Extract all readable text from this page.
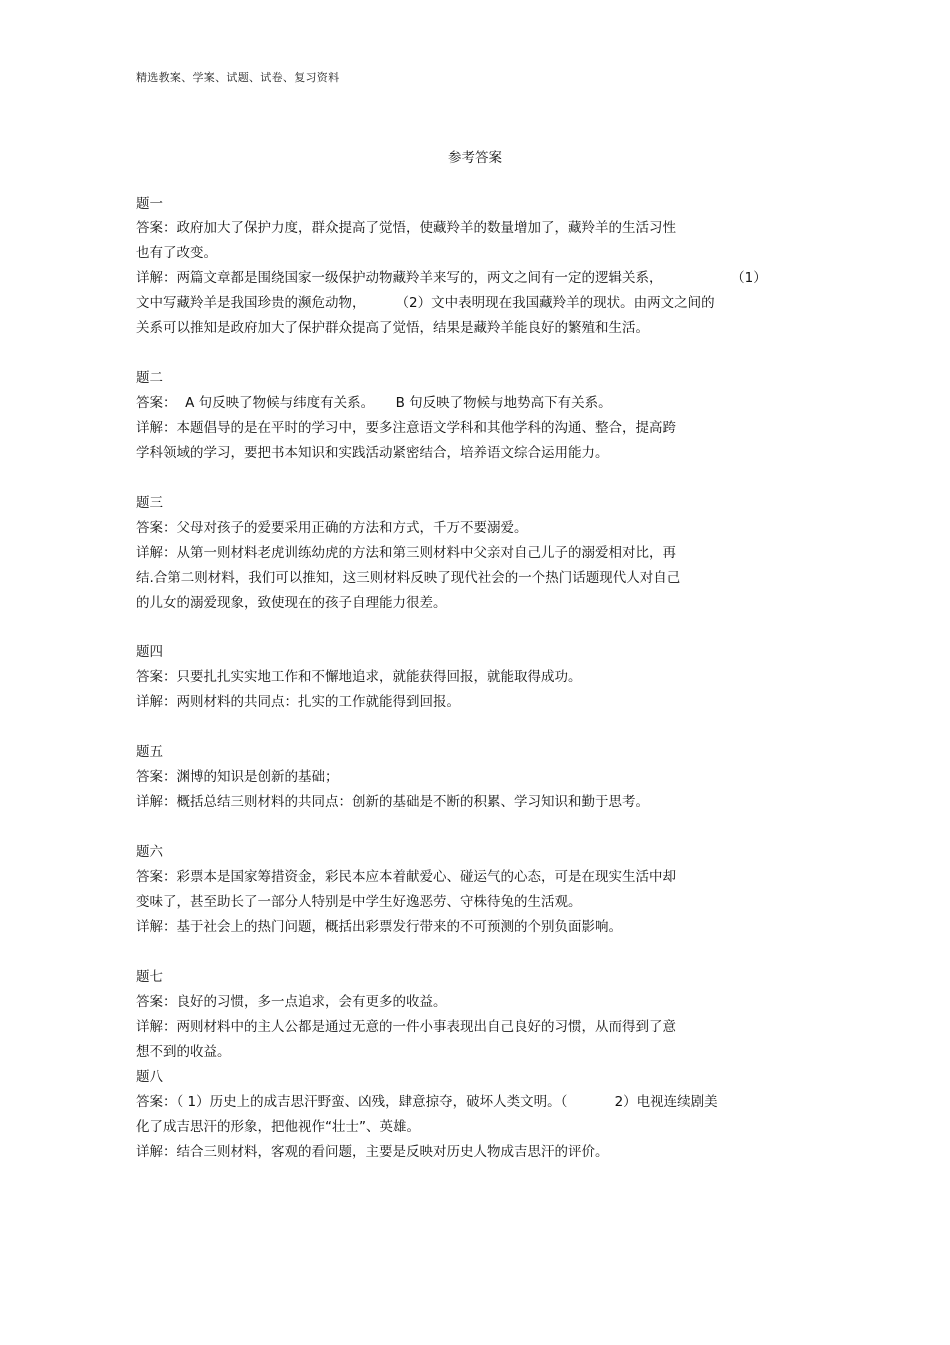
精选教案、学案、试题、试卷、复习资料
参考答案
题一
答案：政府加大了保护力度，群众提高了觉悟，使藏羚羊的数量增加了，藏羚羊的生活习性
也有了改变。
详解：两篇文章都是围绕国家一级保护动物藏羚羊来写的，两文之间有一定的逻辑关系，                （1）
文中写藏羚羊是我国珍贵的濒危动物，       （2）文中表明现在我国藏羚羊的现状。由两文之间的
关系可以推知是政府加大了保护群众提高了觉悟，结果是藏羚羊能良好的繁殖和生活。
题二
答案：  A 句反映了物候与纬度有关系。     B 句反映了物候与地势高下有关系。
详解：本题倡导的是在平时的学习中，要多注意语文学科和其他学科的沟通、整合，提高跨
学科领域的学习，要把书本知识和实践活动紧密结合，培养语文综合运用能力。
题三
答案：父母对孩子的爱要采用正确的方法和方式，千万不要溺爱。
详解：从第一则材料老虎训练幼虎的方法和第三则材料中父亲对自己儿子的溺爱相对比，再
结.合第二则材料，我们可以推知，这三则材料反映了现代社会的一个热门话题现代人对自己
的儿女的溺爱现象，致使现在的孩子自理能力很差。
题四
答案：只要扎扎实实地工作和不懈地追求，就能获得回报，就能取得成功。
详解：两则材料的共同点：扎实的工作就能得到回报。
题五
答案：渊博的知识是创新的基础；
详解：概括总结三则材料的共同点：创新的基础是不断的积累、学习知识和勤于思考。
题六
答案：彩票本是国家筹措资金，彩民本应本着献爱心、碰运气的心态，可是在现实生活中却
变味了，甚至助长了一部分人特别是中学生好逸恶劳、守株待兔的生活观。
详解：基于社会上的热门问题，概括出彩票发行带来的不可预测的个别负面影响。
题七
答案：良好的习惯，多一点追求，会有更多的收益。
详解：两则材料中的主人公都是通过无意的一件小事表现出自己良好的习惯，从而得到了意
想不到的收益。
题八
答案：（ 1）历史上的成吉思汗野蛮、凶残，肆意掠夺，破坏人类文明。（           2）电视连续剧美
化了成吉思汗的形象，把他视作“壮士”、英雄。
详解：结合三则材料，客观的看问题，主要是反映对历史人物成吉思汗的评价。
